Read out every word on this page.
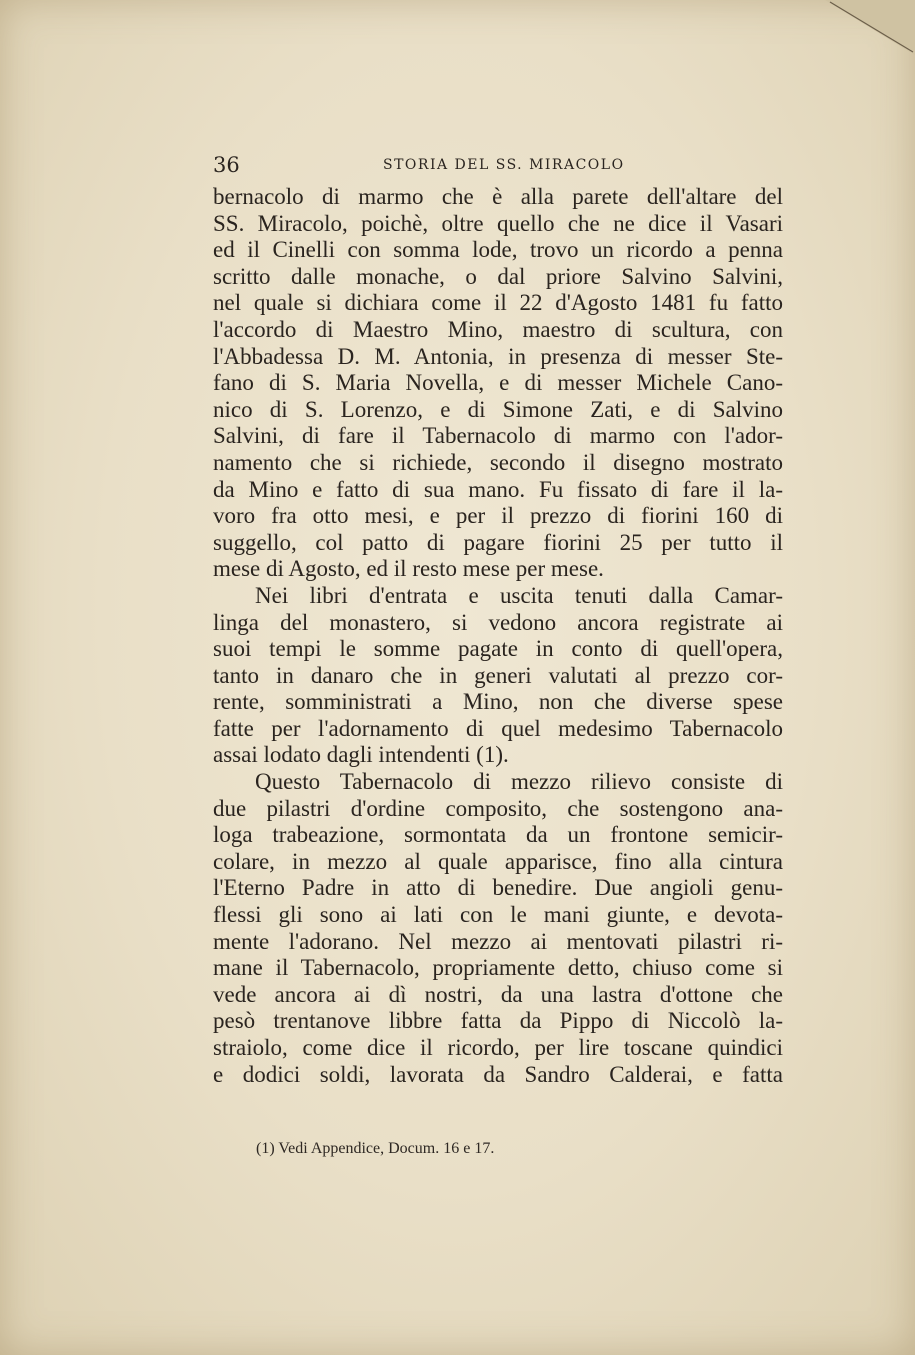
36	STORIA DEL SS. MIRACOLO
bernacolo di marmo che è alla parete dell'altare del
SS. Miracolo, poichè, oltre quello che ne dice il Vasari
ed il Cinelli con somma lode, trovo un ricordo a penna
scritto dalle monache, o dal priore Salvino Salvini,
nel quale si dichiara come il 22 d'Agosto 1481 fu fatto
l'accordo di Maestro Mino, maestro di scultura, con
l'Abbadessa D. M. Antonia, in presenza di messer Ste-
fano di S. Maria Novella, e di messer Michele Cano-
nico di S. Lorenzo, e di Simone Zati, e di Salvino
Salvini, di fare il Tabernacolo di marmo con l'ador-
namento che si richiede, secondo il disegno mostrato
da Mino e fatto di sua mano. Fu fissato di fare il la-
voro fra otto mesi, e per il prezzo di fiorini 160 di
suggello, col patto di pagare fiorini 25 per tutto il
mese di Agosto, ed il resto mese per mese.
Nei libri d'entrata e uscita tenuti dalla Camar-
linga del monastero, si vedono ancora registrate ai
suoi tempi le somme pagate in conto di quell'opera,
tanto in danaro che in generi valutati al prezzo cor-
rente, somministrati a Mino, non che diverse spese
fatte per l'adornamento di quel medesimo Tabernacolo
assai lodato dagli intendenti (1).
Questo Tabernacolo di mezzo rilievo consiste di
due pilastri d'ordine composito, che sostengono ana-
loga trabeazione, sormontata da un frontone semicir-
colare, in mezzo al quale apparisce, fino alla cintura
l'Eterno Padre in atto di benedire. Due angioli genu-
flessi gli sono ai lati con le mani giunte, e devota-
mente l'adorano. Nel mezzo ai mentovati pilastri ri-
mane il Tabernacolo, propriamente detto, chiuso come si
vede ancora ai dì nostri, da una lastra d'ottone che
pesò trentanove libbre fatta da Pippo di Niccolò la-
straiolo, come dice il ricordo, per lire toscane quindici
e dodici soldi, lavorata da Sandro Calderai, e fatta
(1) Vedi Appendice, Docum. 16 e 17.
